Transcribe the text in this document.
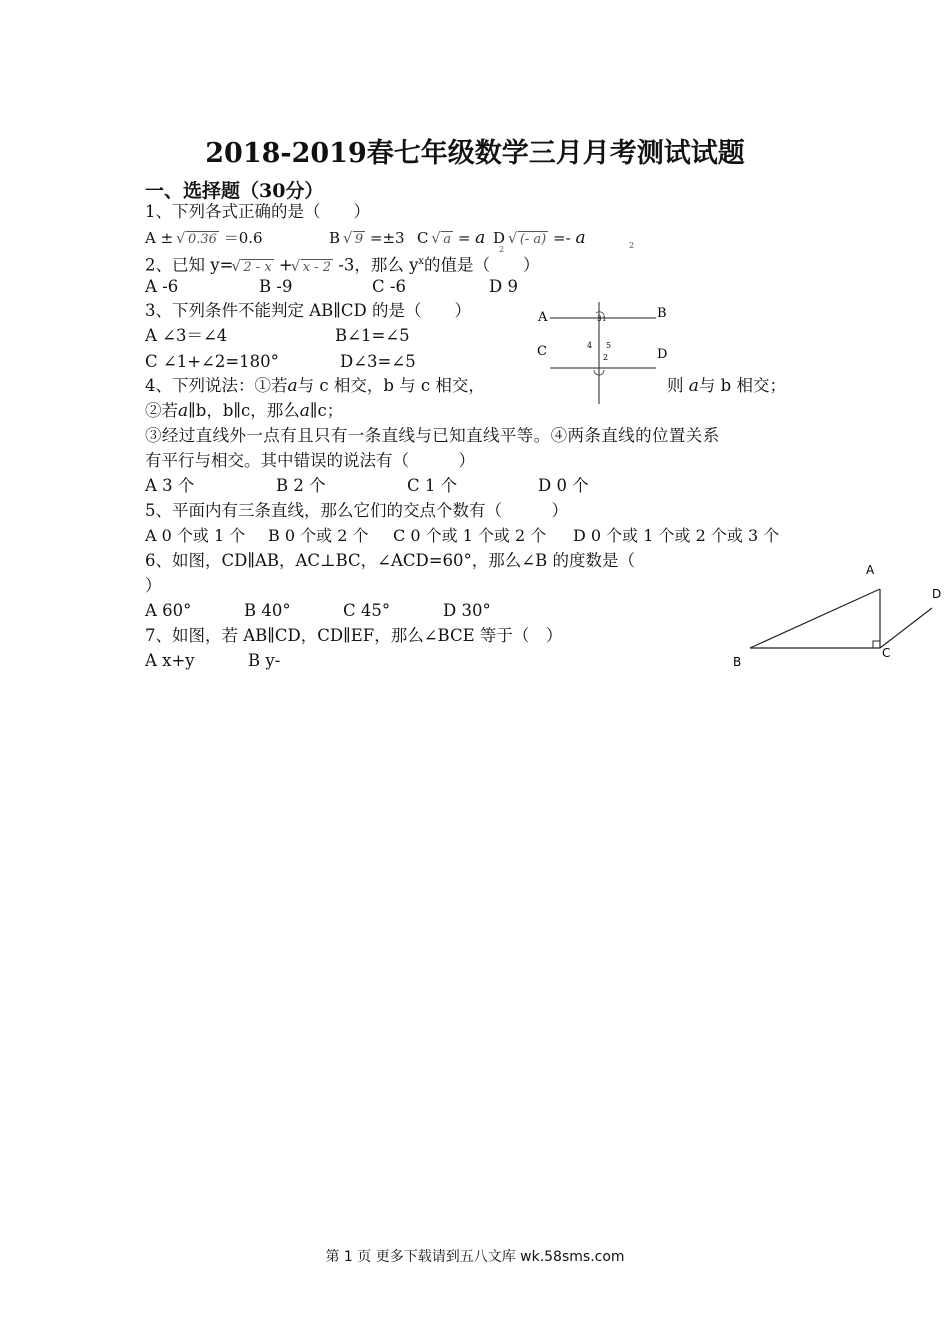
2018-2019春七年级数学三月月考测试试题
一、选择题（30分）
1、下列各式正确的是（　　）
A ± √ 0.36 ＝0.6	B √ 9 =±3 C √ a = a D √ (- a) =- a
2	2
2、已知 y= √ 2 - x + √ x - 2 -3，那么 $y^x$的值是（　　）
A -6	B -9	C -6	D 9
3、下列条件不能判定 AB∥CD 的是（　　）
A ∠3＝∠4	B∠1=∠5
C ∠1+∠2=180°	D∠3=∠5
A	B
C	D
1
3
4 5
2
4、下列说法：①若a与 c 相交，b 与 c 相交，	则 a与 b 相交；
②若a∥b，b∥c，那么a∥c；
③经过直线外一点有且只有一条直线与已知直线平等。④两条直线的位置关系
有平行与相交。其中错误的说法有（　　　）
A 3 个	B 2 个	C 1 个	D 0 个
5、平面内有三条直线，那么它们的交点个数有（　　　）
A 0 个或 1 个 B 0 个或 2 个 C 0 个或 1 个或 2 个 D 0 个或 1 个或 2 个或 3 个
6、如图，CD∥AB，AC⊥BC，∠ACD=60°，那么∠B 的度数是（
）
A 60°	B 40°	C 45°	D 30°
A
B
C
D
7、如图，若 AB∥CD，CD∥EF，那么∠BCE 等于（　）
A x+y	B y-
第 1 页 更多下载请到五八文库 wk.58sms.com
